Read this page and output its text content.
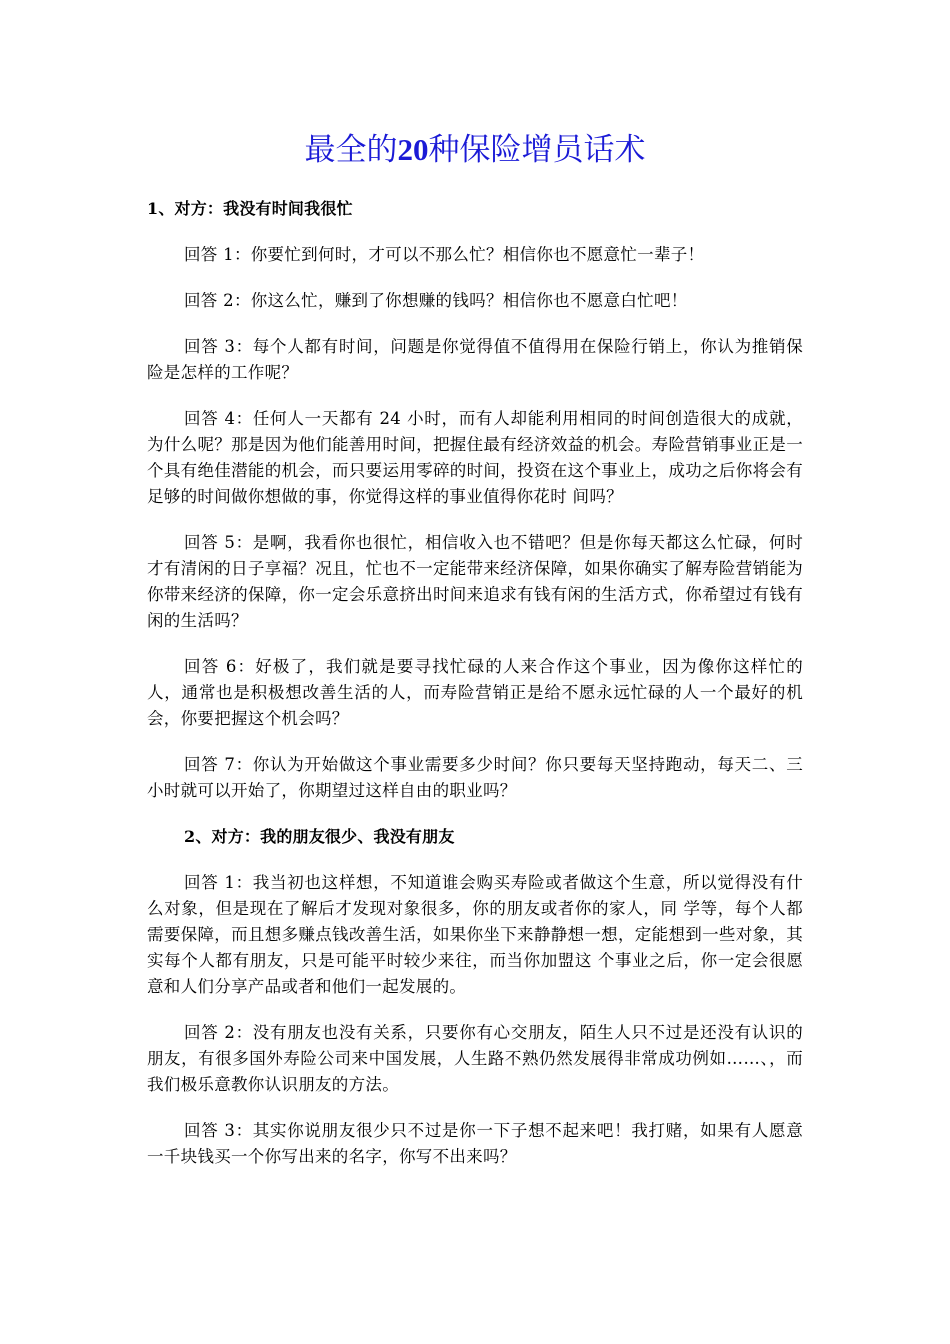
最全的20种保险增员话术
1、对方：我没有时间我很忙

回答 1：你要忙到何时，才可以不那么忙？相信你也不愿意忙一辈子！

回答 2：你这么忙，赚到了你想赚的钱吗？相信你也不愿意白忙吧！

回答 3：每个人都有时间，问题是你觉得值不值得用在保险行销上，你认为推销保险是怎样的工作呢？

回答 4：任何人一天都有 24 小时，而有人却能利用相同的时间创造很大的成就，为什么呢？那是因为他们能善用时间，把握住最有经济效益的机会。寿险营销事业正是一个具有绝佳潜能的机会，而只要运用零碎的时间，投资在这个事业上，成功之后你将会有足够的时间做你想做的事，你觉得这样的事业值得你花时 间吗？

回答 5：是啊，我看你也很忙，相信收入也不错吧？但是你每天都这么忙碌，何时才有清闲的日子享福？况且，忙也不一定能带来经济保障，如果你确实了解寿险营销能为你带来经济的保障，你一定会乐意挤出时间来追求有钱有闲的生活方式，你希望过有钱有闲的生活吗？

回答 6：好极了，我们就是要寻找忙碌的人来合作这个事业，因为像你这样忙的人，通常也是积极想改善生活的人，而寿险营销正是给不愿永远忙碌的人一个最好的机会，你要把握这个机会吗？

回答 7：你认为开始做这个事业需要多少时间？你只要每天坚持跑动，每天二、三小时就可以开始了，你期望过这样自由的职业吗？

2、对方：我的朋友很少、我没有朋友

回答 1：我当初也这样想，不知道谁会购买寿险或者做这个生意，所以觉得没有什么对象，但是现在了解后才发现对象很多，你的朋友或者你的家人，同 学等，每个人都需要保障，而且想多赚点钱改善生活，如果你坐下来静静想一想，定能想到一些对象，其实每个人都有朋友，只是可能平时较少来往，而当你加盟这 个事业之后，你一定会很愿意和人们分享产品或者和他们一起发展的。

回答 2：没有朋友也没有关系，只要你有心交朋友，陌生人只不过是还没有认识的朋友，有很多国外寿险公司来中国发展，人生路不熟仍然发展得非常成功例如……、，而我们极乐意教你认识朋友的方法。

回答 3：其实你说朋友很少只不过是你一下子想不起来吧！我打赌，如果有人愿意一千块钱买一个你写出来的名字，你写不出来吗？
